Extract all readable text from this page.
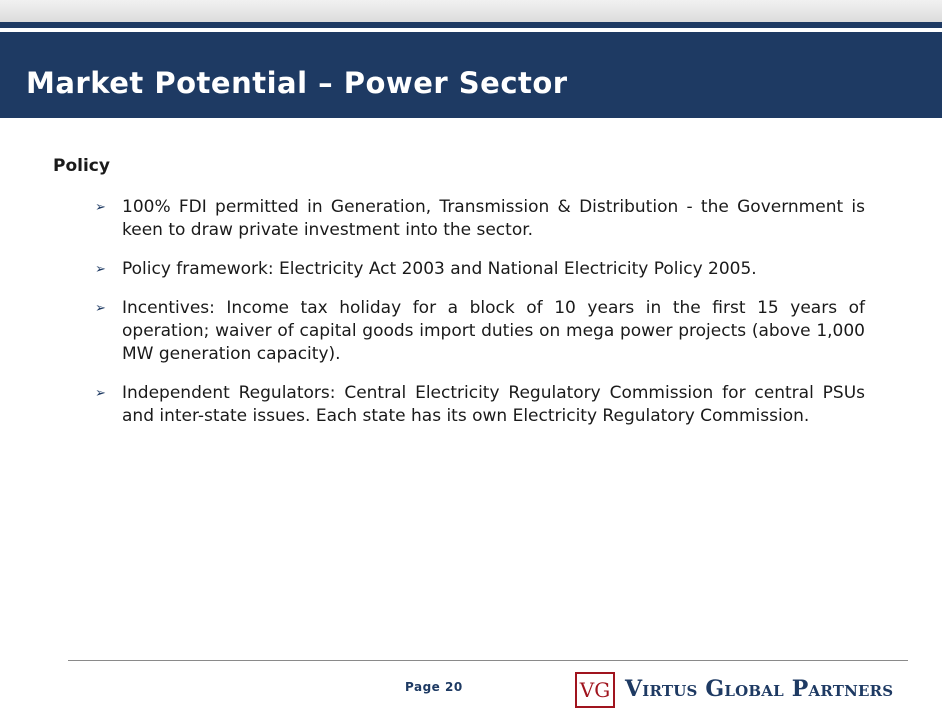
Market Potential – Power Sector
Policy
➢ 100% FDI permitted in Generation, Transmission & Distribution - the Government is keen to draw private investment into the sector.
➢ Policy framework: Electricity Act 2003 and National Electricity Policy 2005.
➢ Incentives: Income tax holiday for a block of 10 years in the first 15 years of operation; waiver of capital goods import duties on mega power projects (above 1,000 MW generation capacity).
➢ Independent Regulators: Central Electricity Regulatory Commission for central PSUs and inter-state issues. Each state has its own Electricity Regulatory Commission.
Page 20	VG Virtus Global Partners
